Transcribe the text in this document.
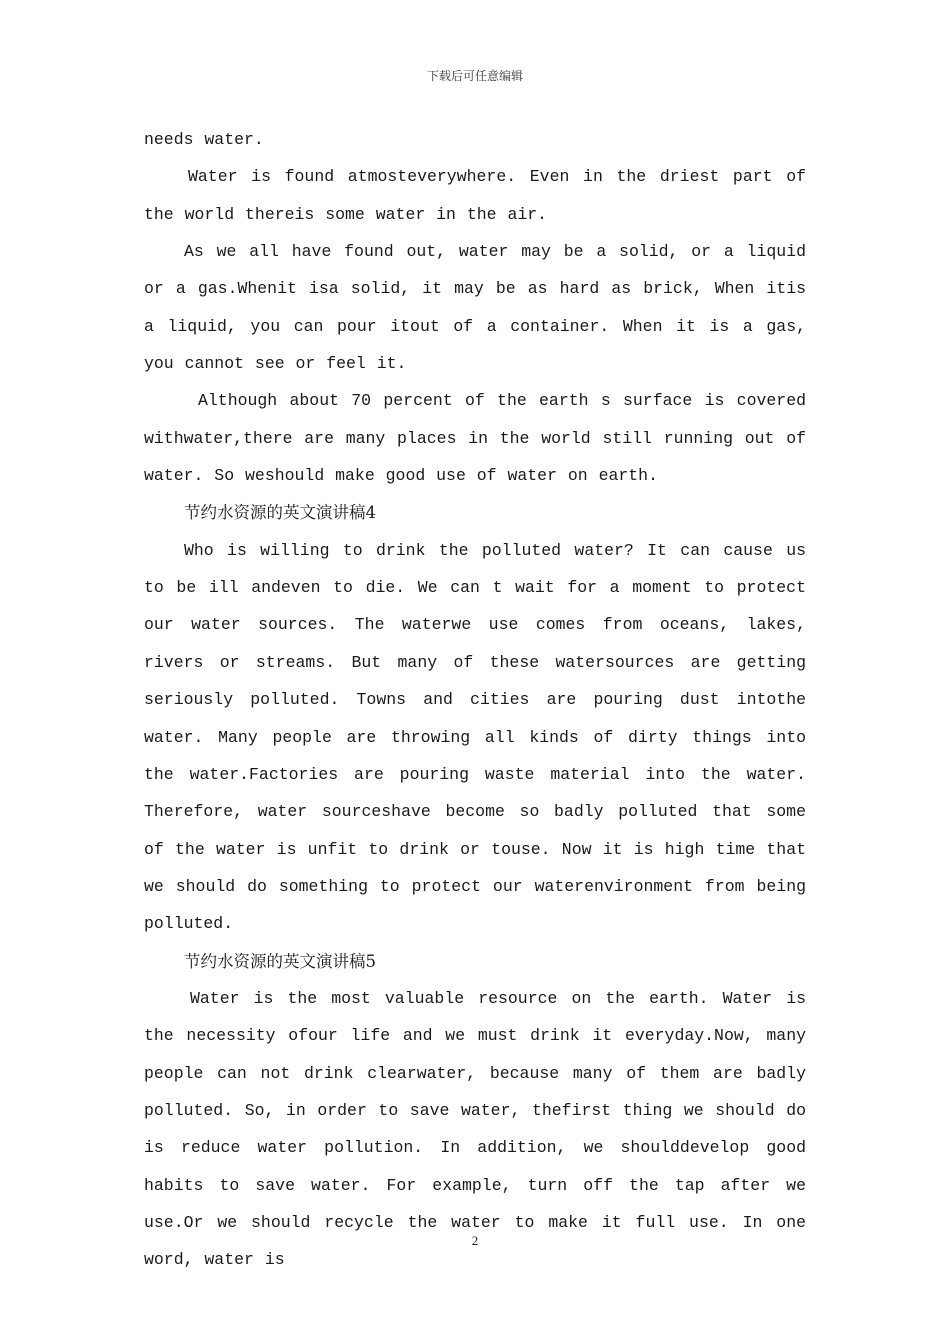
下载后可任意编辑

needs water.

Water is found atmosteverywhere. Even in the driest part of the world thereis some water in the air.

As we all have found out, water may be a solid, or a liquid or a gas.Whenit isa solid, it may be as hard as brick, When itis a liquid, you can pour itout of a container. When it is a gas, you cannot see or feel it.

Although about 70 percent of the earth s surface is covered withwater,there are many places in the world still running out of water. So weshould make good use of water on earth.

节约水资源的英文演讲稿4

Who is willing to drink the polluted water? It can cause us to be ill andeven to die. We can t wait for a moment to protect our water sources. The waterwe use comes from oceans, lakes, rivers or streams. But many of these watersources are getting seriously polluted. Towns and cities are pouring dust intothe water. Many people are throwing all kinds of dirty things into the water.Factories are pouring waste material into the water. Therefore, water sourceshave become so badly polluted that some of the water is unfit to drink or touse. Now it is high time that we should do something to protect our waterenvironment from being polluted.

节约水资源的英文演讲稿5

Water is the most valuable resource on the earth. Water is the necessity ofour life and we must drink it everyday.Now, many people can not drink clearwater, because many of them are badly polluted. So, in order to save water, thefirst thing we should do is reduce water pollution. In addition, we shoulddevelop good habits to save water. For example, turn off the tap after we use.Or we should recycle the water to make it full use. In one word, water is

2
